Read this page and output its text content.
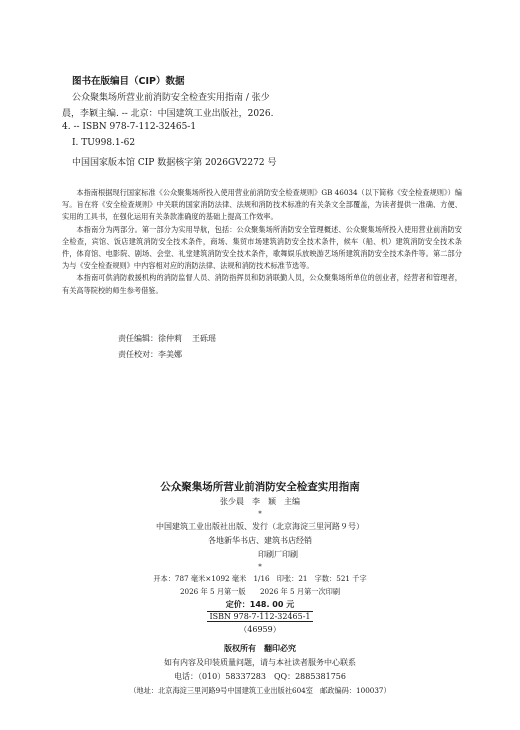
图书在版编目（CIP）数据
公众聚集场所营业前消防安全检查实用指南 / 张少
晨，李颖主编. -- 北京：中国建筑工业出版社，2026.
4. -- ISBN 978-7-112-32465-1
Ⅰ. TU998.1-62
中国国家版本馆 CIP 数据核字第 2026GV2272 号

本指南根据现行国家标准《公众聚集场所投入使用营业前消防安全检查规则》GB 46034（以下简称《安全检查规则》）编写。旨在将《安全检查规则》中关联的国家消防法律、法规和消防技术标准的有关条文全部覆盖，为读者提供一准确、方便、实用的工具书，在强化运用有关条款准确度的基础上提高工作效率。

本指南分为两部分。第一部分为实用导航，包括：公众聚集场所消防安全管理概述、公众聚集场所投入使用营业前消防安全检查，宾馆、饭店建筑消防安全技术条件，商场、集贸市场建筑消防安全技术条件，候车（船、机）建筑消防安全技术条件，体育馆、电影院、剧场、会堂、礼堂建筑消防安全技术条件，歌舞娱乐放映游艺场所建筑消防安全技术条件等。第二部分为与《安全检查规则》中内容相对应的消防法律、法规和消防技术标准节选等。

本指南可供消防救援机构的消防监督人员、消防指挥员和防消联勤人员，公众聚集场所单位的创业者，经营者和管理者，有关高等院校的师生参考借鉴。

责任编辑：徐仲莉 王砾瑶
责任校对：李美娜
公众聚集场所营业前消防安全检查实用指南
张少晨　李　颖　主编
*
中国建筑工业出版社出版、发行（北京海淀三里河路９号）
各地新华书店、建筑书店经销
印刷厂印刷
*
开本：787 毫米×1092 毫米　1/16　印张：21　字数：521 千字
2026 年 5 月第一版　　2026 年 5 月第一次印刷
定价：148. 00 元
ISBN 978-7-112-32465-1
（46959）
版权所有　翻印必究
如有内容及印装质量问题，请与本社读者服务中心联系
电话：（010）58337283　QQ：2885381756
（地址：北京海淀三里河路9号中国建筑工业出版社604室　邮政编码：100037）
